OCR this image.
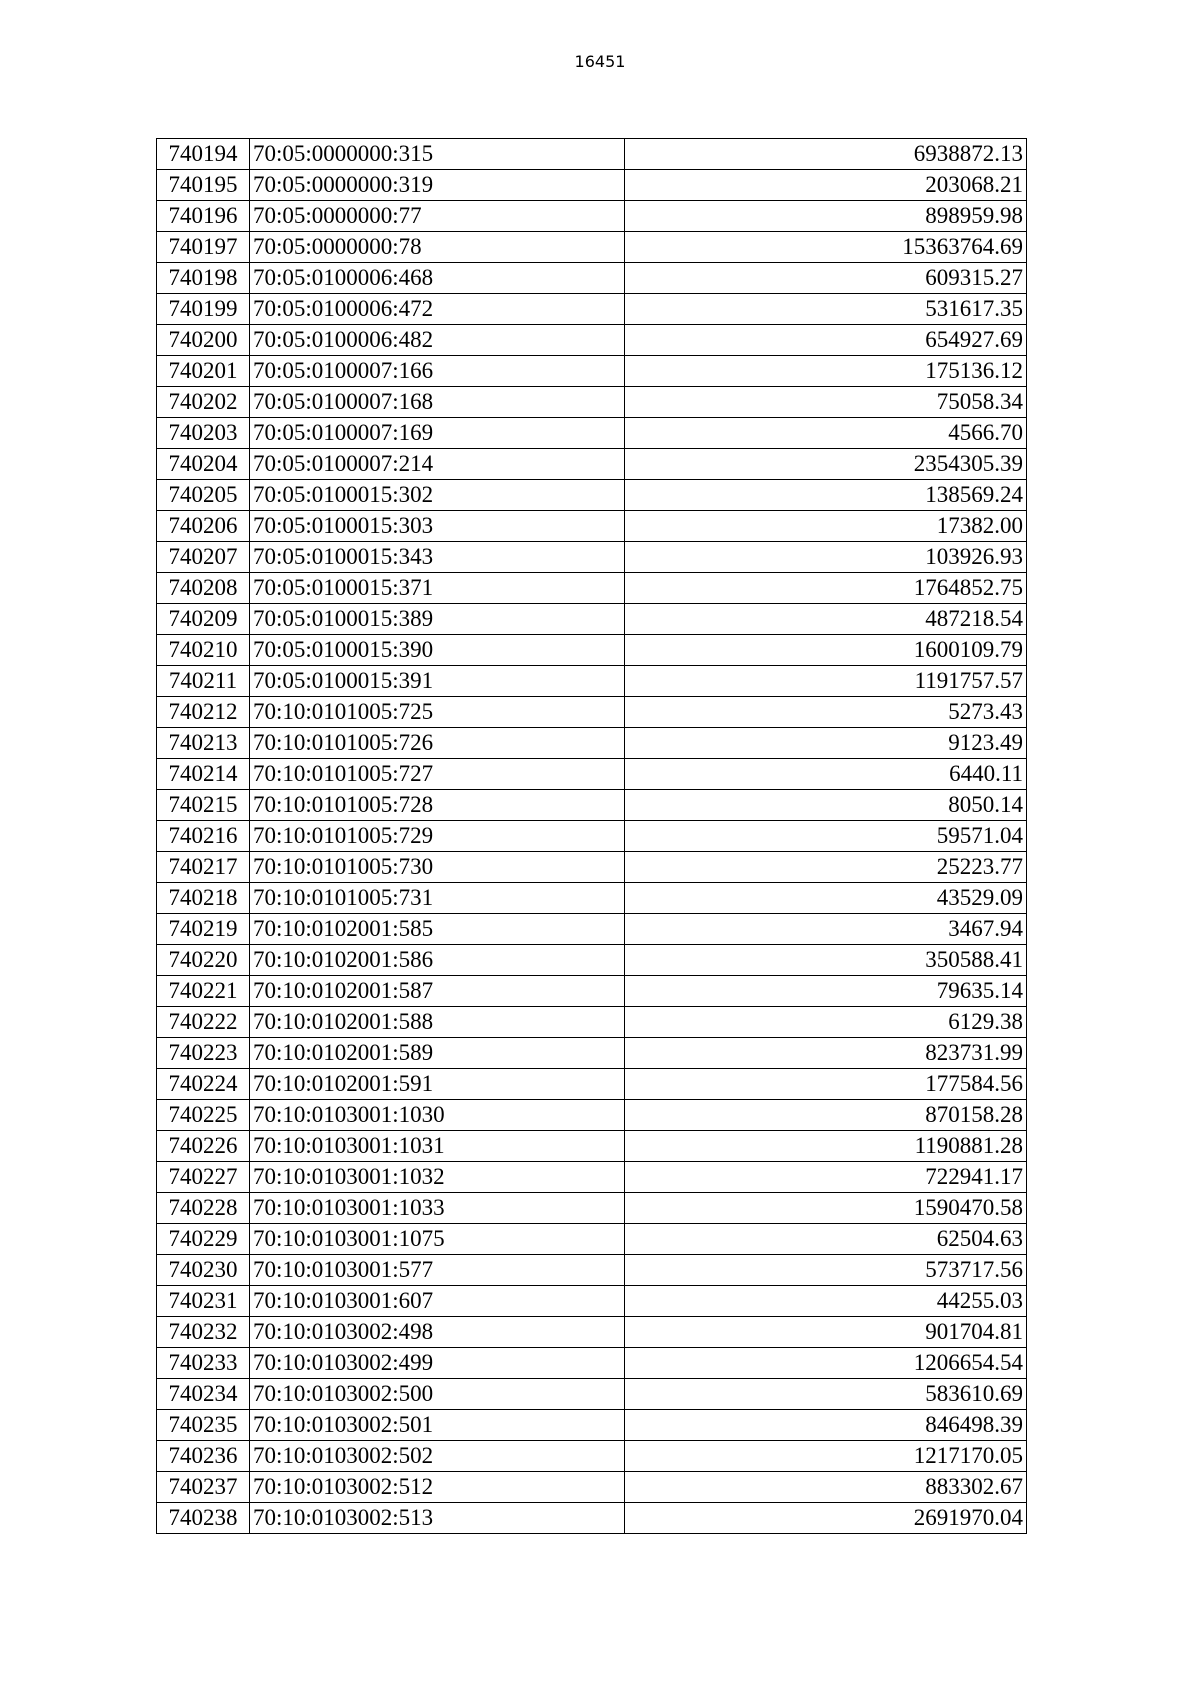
16451
740194	70:05:0000000:315	6938872.13
740195	70:05:0000000:319	203068.21
740196	70:05:0000000:77	898959.98
740197	70:05:0000000:78	15363764.69
740198	70:05:0100006:468	609315.27
740199	70:05:0100006:472	531617.35
740200	70:05:0100006:482	654927.69
740201	70:05:0100007:166	175136.12
740202	70:05:0100007:168	75058.34
740203	70:05:0100007:169	4566.70
740204	70:05:0100007:214	2354305.39
740205	70:05:0100015:302	138569.24
740206	70:05:0100015:303	17382.00
740207	70:05:0100015:343	103926.93
740208	70:05:0100015:371	1764852.75
740209	70:05:0100015:389	487218.54
740210	70:05:0100015:390	1600109.79
740211	70:05:0100015:391	1191757.57
740212	70:10:0101005:725	5273.43
740213	70:10:0101005:726	9123.49
740214	70:10:0101005:727	6440.11
740215	70:10:0101005:728	8050.14
740216	70:10:0101005:729	59571.04
740217	70:10:0101005:730	25223.77
740218	70:10:0101005:731	43529.09
740219	70:10:0102001:585	3467.94
740220	70:10:0102001:586	350588.41
740221	70:10:0102001:587	79635.14
740222	70:10:0102001:588	6129.38
740223	70:10:0102001:589	823731.99
740224	70:10:0102001:591	177584.56
740225	70:10:0103001:1030	870158.28
740226	70:10:0103001:1031	1190881.28
740227	70:10:0103001:1032	722941.17
740228	70:10:0103001:1033	1590470.58
740229	70:10:0103001:1075	62504.63
740230	70:10:0103001:577	573717.56
740231	70:10:0103001:607	44255.03
740232	70:10:0103002:498	901704.81
740233	70:10:0103002:499	1206654.54
740234	70:10:0103002:500	583610.69
740235	70:10:0103002:501	846498.39
740236	70:10:0103002:502	1217170.05
740237	70:10:0103002:512	883302.67
740238	70:10:0103002:513	2691970.04
